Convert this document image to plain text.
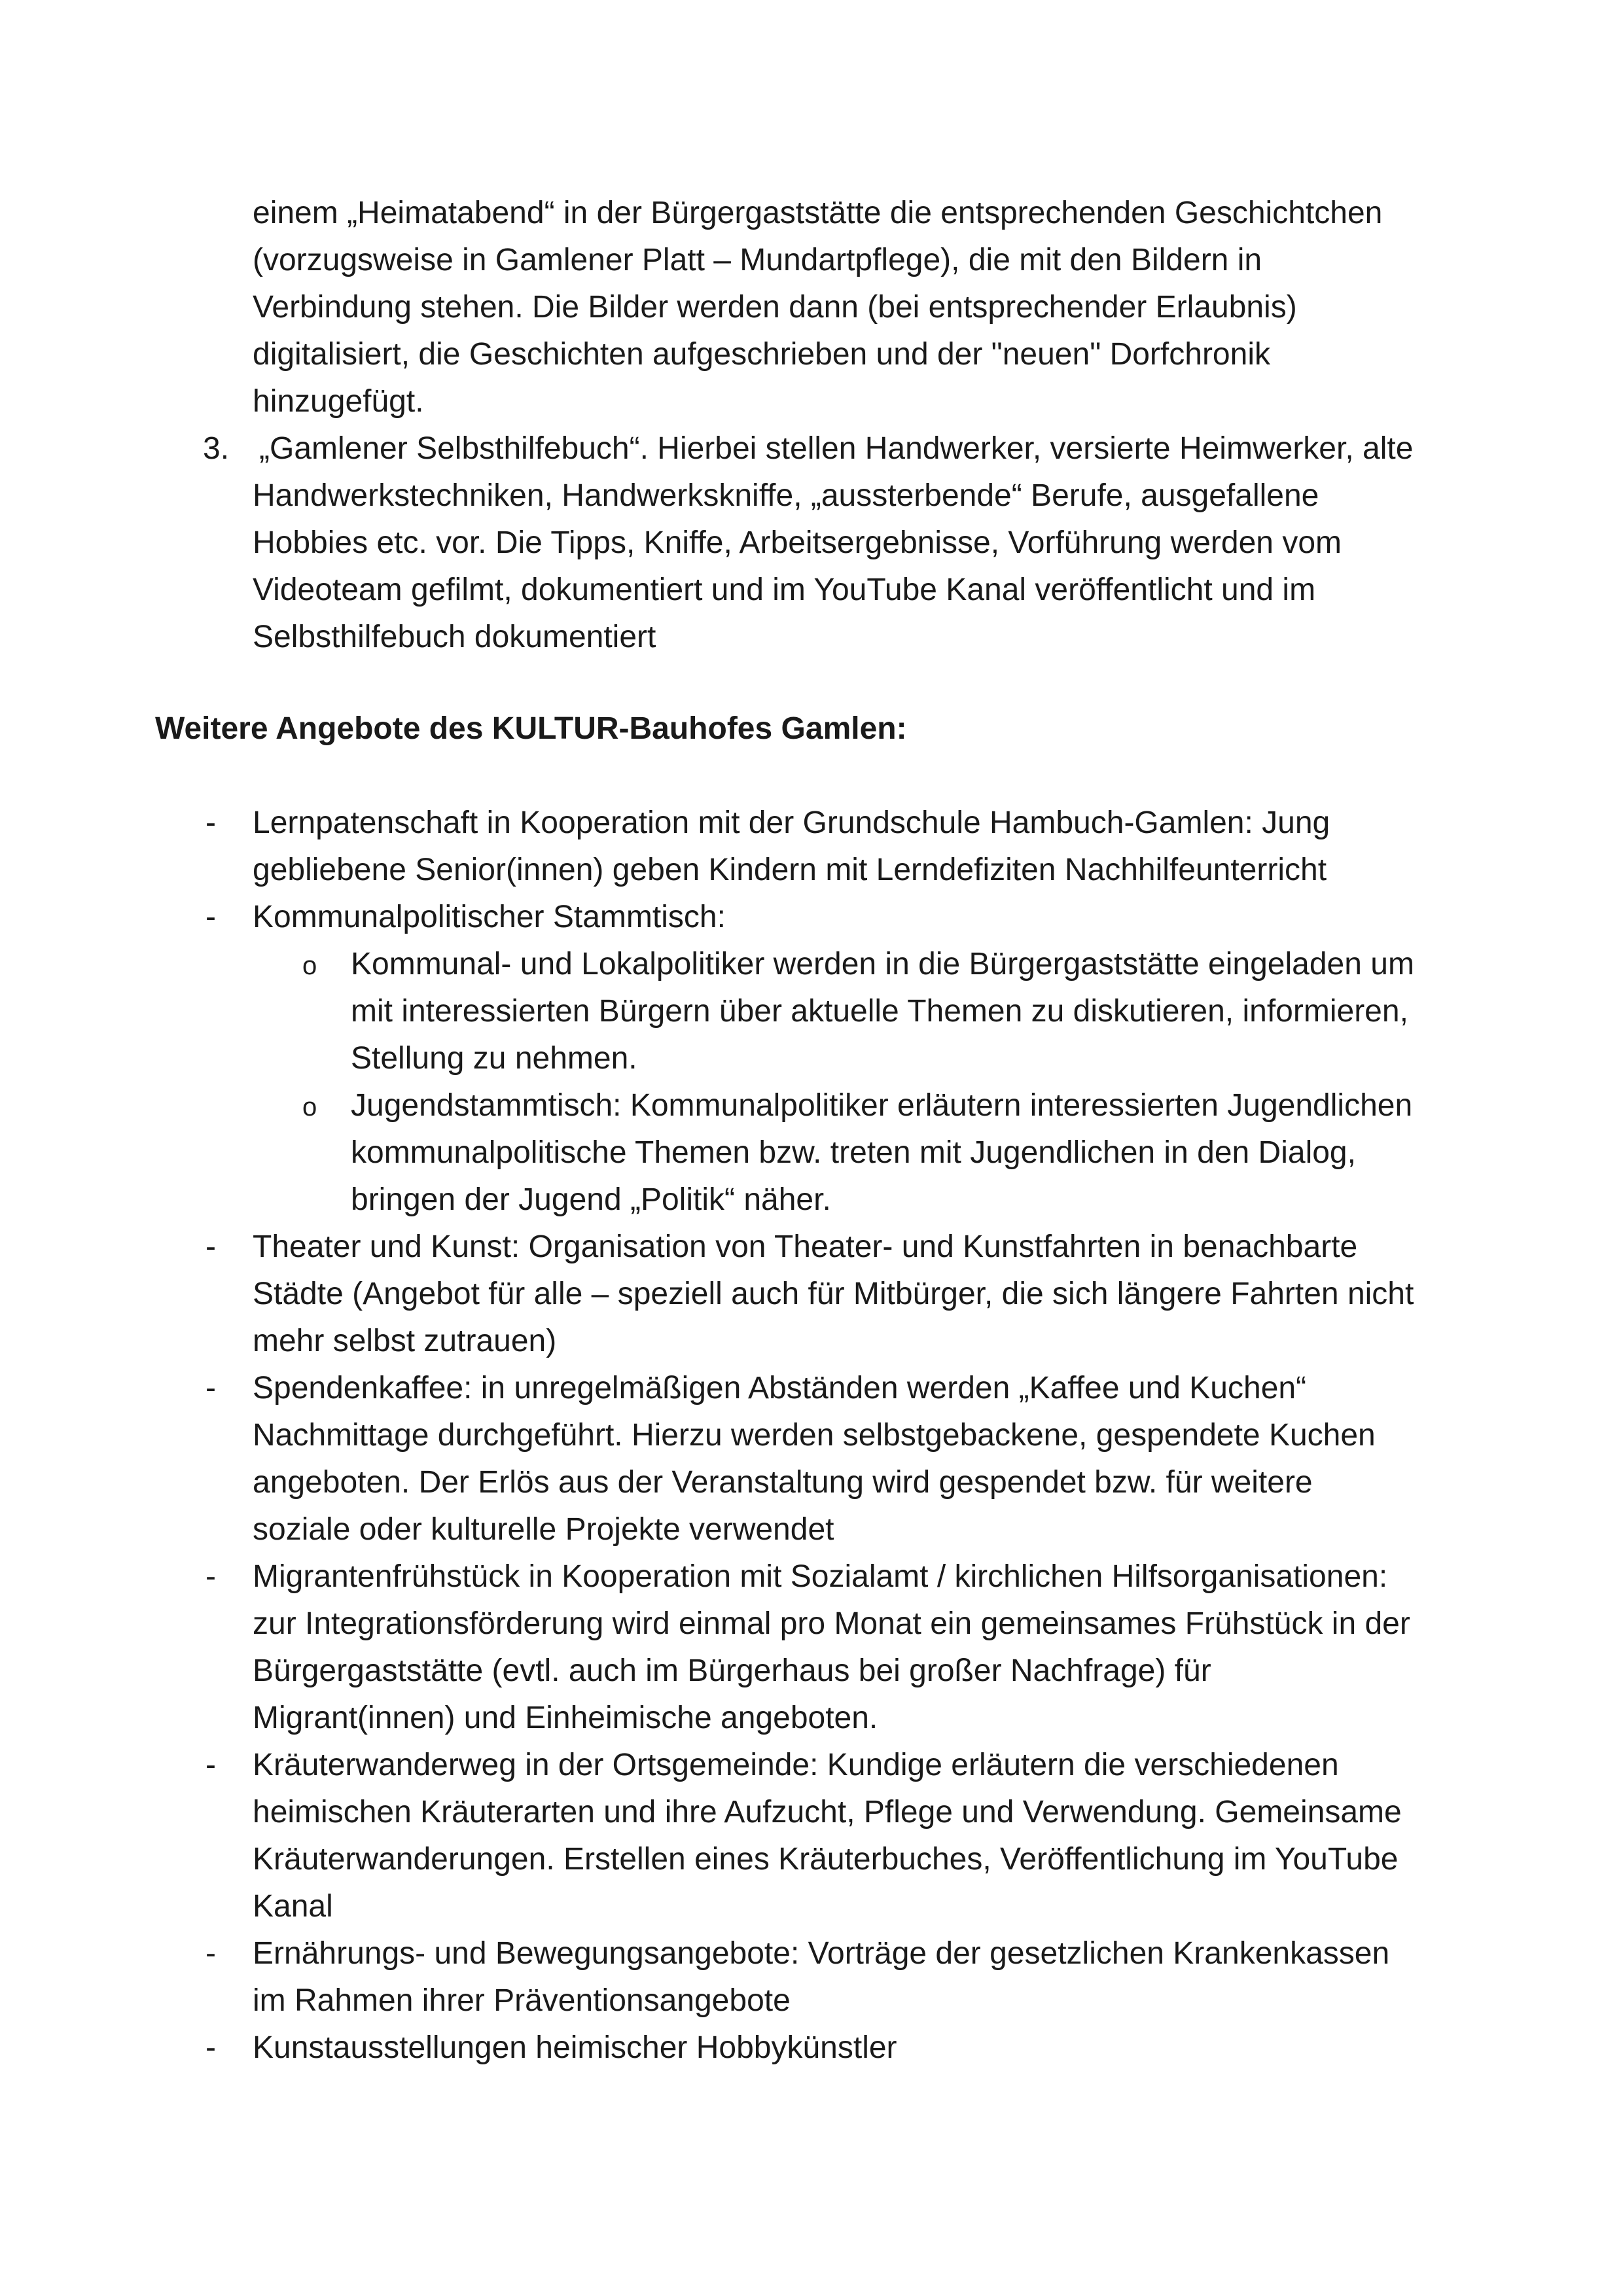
einem „Heimatabend“ in der Bürgergaststätte die entsprechenden Geschichtchen
(vorzugsweise in Gamlener Platt – Mundartpflege), die mit den Bildern in
Verbindung stehen. Die Bilder werden dann (bei entsprechender Erlaubnis)
digitalisiert, die Geschichten aufgeschrieben und der "neuen" Dorfchronik
hinzugefügt.
3. „Gamlener Selbsthilfebuch“. Hierbei stellen Handwerker, versierte Heimwerker, alte
Handwerkstechniken, Handwerkskniffe, „aussterbende“ Berufe, ausgefallene
Hobbies etc. vor. Die Tipps, Kniffe, Arbeitsergebnisse, Vorführung werden vom
Videoteam gefilmt, dokumentiert und im YouTube Kanal veröffentlicht und im
Selbsthilfebuch dokumentiert
Weitere Angebote des KULTUR-Bauhofes Gamlen:
- Lernpatenschaft in Kooperation mit der Grundschule Hambuch-Gamlen: Jung
gebliebene Senior(innen) geben Kindern mit Lerndefiziten Nachhilfeunterricht
- Kommunalpolitischer Stammtisch:
o Kommunal- und Lokalpolitiker werden in die Bürgergaststätte eingeladen um
mit interessierten Bürgern über aktuelle Themen zu diskutieren, informieren,
Stellung zu nehmen.
o Jugendstammtisch: Kommunalpolitiker erläutern interessierten Jugendlichen
kommunalpolitische Themen bzw. treten mit Jugendlichen in den Dialog,
bringen der Jugend „Politik“ näher.
- Theater und Kunst: Organisation von Theater- und Kunstfahrten in benachbarte
Städte (Angebot für alle – speziell auch für Mitbürger, die sich längere Fahrten nicht
mehr selbst zutrauen)
- Spendenkaffee: in unregelmäßigen Abständen werden „Kaffee und Kuchen“
Nachmittage durchgeführt. Hierzu werden selbstgebackene, gespendete Kuchen
angeboten. Der Erlös aus der Veranstaltung wird gespendet bzw. für weitere
soziale oder kulturelle Projekte verwendet
- Migrantenfrühstück in Kooperation mit Sozialamt / kirchlichen Hilfsorganisationen:
zur Integrationsförderung wird einmal pro Monat ein gemeinsames Frühstück in der
Bürgergaststätte (evtl. auch im Bürgerhaus bei großer Nachfrage) für
Migrant(innen) und Einheimische angeboten.
- Kräuterwanderweg in der Ortsgemeinde: Kundige erläutern die verschiedenen
heimischen Kräuterarten und ihre Aufzucht, Pflege und Verwendung. Gemeinsame
Kräuterwanderungen. Erstellen eines Kräuterbuches, Veröffentlichung im YouTube
Kanal
- Ernährungs- und Bewegungsangebote: Vorträge der gesetzlichen Krankenkassen
im Rahmen ihrer Präventionsangebote
- Kunstausstellungen heimischer Hobbykünstler
